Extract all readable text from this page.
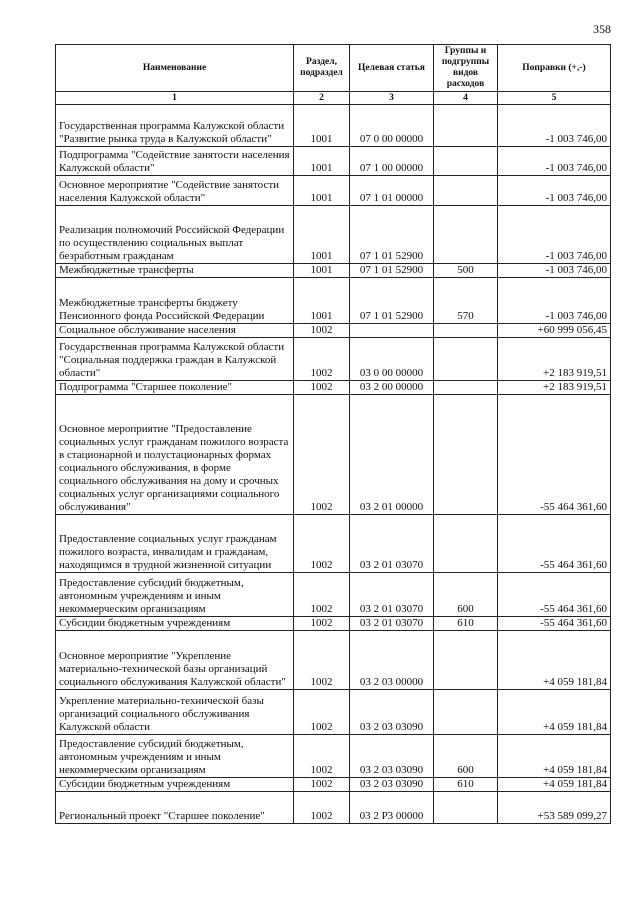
358
Наименование	Раздел, подраздел	Целевая статья	Группы и подгруппы видов расходов	Поправки (+,-)
1	2	3	4	5
Государственная программа Калужской области "Развитие рынка труда в Калужской области"	1001	07 0 00 00000		-1 003 746,00
Подпрограмма "Содействие занятости населения Калужской области"	1001	07 1 00 00000		-1 003 746,00
Основное мероприятие "Содействие занятости населения Калужской области"	1001	07 1 01 00000		-1 003 746,00
Реализация полномочий Российской Федерации по осуществлению социальных выплат безработным гражданам	1001	07 1 01 52900		-1 003 746,00
Межбюджетные трансферты	1001	07 1 01 52900	500	-1 003 746,00
Межбюджетные трансферты бюджету Пенсионного фонда Российской Федерации	1001	07 1 01 52900	570	-1 003 746,00
Социальное обслуживание населения	1002			+60 999 056,45
Государственная программа Калужской области "Социальная поддержка граждан в Калужской области"	1002	03 0 00 00000		+2 183 919,51
Подпрограмма "Старшее поколение"	1002	03 2 00 00000		+2 183 919,51
Основное мероприятие "Предоставление социальных услуг гражданам пожилого возраста в стационарной и полустационарных формах социального обслуживания, в форме социального обслуживания на дому и срочных социальных услуг организациями социального обслуживания"	1002	03 2 01 00000		-55 464 361,60
Предоставление социальных услуг гражданам пожилого возраста, инвалидам и гражданам, находящимся в трудной жизненной ситуации	1002	03 2 01 03070		-55 464 361,60
Предоставление субсидий бюджетным, автономным учреждениям и иным некоммерческим организациям	1002	03 2 01 03070	600	-55 464 361,60
Субсидии бюджетным учреждениям	1002	03 2 01 03070	610	-55 464 361,60
Основное мероприятие "Укрепление материально-технической базы организаций социального обслуживания Калужской области"	1002	03 2 03 00000		+4 059 181,84
Укрепление материально-технической базы организаций социального обслуживания Калужской области	1002	03 2 03 03090		+4 059 181,84
Предоставление субсидий бюджетным, автономным учреждениям и иным некоммерческим организациям	1002	03 2 03 03090	600	+4 059 181,84
Субсидии бюджетным учреждениям	1002	03 2 03 03090	610	+4 059 181,84
Региональный проект "Старшее поколение"	1002	03 2 P3 00000		+53 589 099,27
